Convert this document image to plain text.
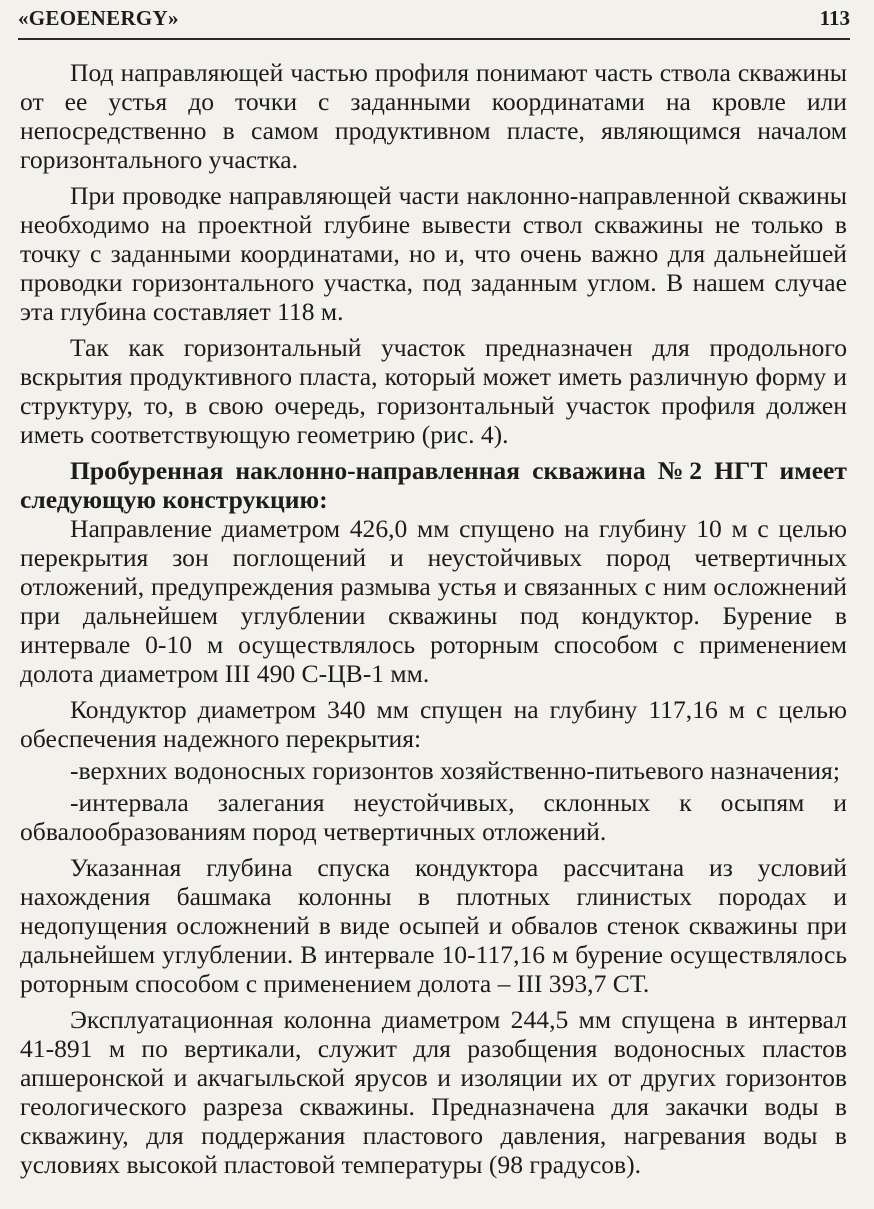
«GEOENERGY»	113

Под направляющей частью профиля понимают часть ствола скважины от ее устья до точки с заданными координатами на кровле или непосредственно в самом продуктивном пласте, являющимся началом горизонтального участка.

При проводке направляющей части наклонно-направленной скважины необходимо на проектной глубине вывести ствол скважины не только в точку с заданными координатами, но и, что очень важно для дальнейшей проводки горизонтального участка, под заданным углом. В нашем случае эта глубина составляет 118 м.

Так как горизонтальный участок предназначен для продольного вскрытия продуктивного пласта, который может иметь различную форму и структуру, то, в свою очередь, горизонтальный участок профиля должен иметь соответствующую геометрию (рис. 4).

Пробуренная наклонно-направленная скважина №2 НГТ имеет следующую конструкцию:

Направление диаметром 426,0 мм спущено на глубину 10 м с целью перекрытия зон поглощений и неустойчивых пород четвертичных отложений, предупреждения размыва устья и связанных с ним осложнений при дальнейшем углублении скважины под кондуктор. Бурение в интервале 0-10 м осуществлялось роторным способом с применением долота диаметром III 490 С-ЦВ-1 мм.

Кондуктор диаметром 340 мм спущен на глубину 117,16 м с целью обеспечения надежного перекрытия:

-верхних водоносных горизонтов хозяйственно-питьевого назначения;

-интервала залегания неустойчивых, склонных к осыпям и обвалообразованиям пород четвертичных отложений.

Указанная глубина спуска кондуктора рассчитана из условий нахождения башмака колонны в плотных глинистых породах и недопущения осложнений в виде осыпей и обвалов стенок скважины при дальнейшем углублении. В интервале 10-117,16 м бурение осуществлялось роторным способом с применением долота – III 393,7 СТ.

Эксплуатационная колонна диаметром 244,5 мм спущена в интервал 41-891 м по вертикали, служит для разобщения водоносных пластов апшеронской и акчагыльской ярусов и изоляции их от других горизонтов геологического разреза скважины. Предназначена для закачки воды в скважину, для поддержания пластового давления, нагревания воды в условиях высокой пластовой температуры (98 градусов).
